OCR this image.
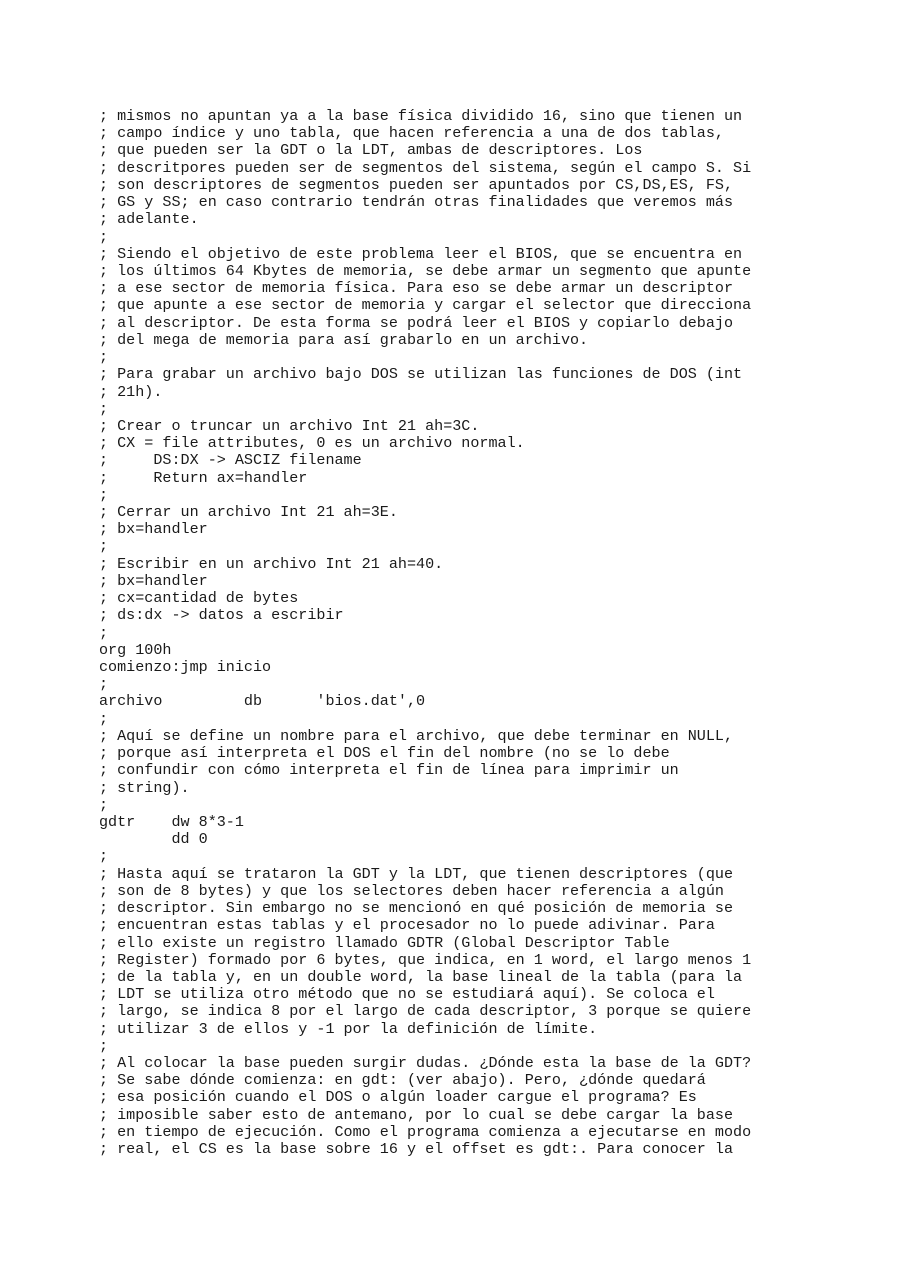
; mismos no apuntan ya a la base física dividido 16, sino que tienen un
; campo índice y uno tabla, que hacen referencia a una de dos tablas,
; que pueden ser la GDT o la LDT, ambas de descriptores. Los
; descritpores pueden ser de segmentos del sistema, según el campo S. Si
; son descriptores de segmentos pueden ser apuntados por CS,DS,ES, FS,
; GS y SS; en caso contrario tendrán otras finalidades que veremos más
; adelante.
;
; Siendo el objetivo de este problema leer el BIOS, que se encuentra en
; los últimos 64 Kbytes de memoria, se debe armar un segmento que apunte
; a ese sector de memoria física. Para eso se debe armar un descriptor
; que apunte a ese sector de memoria y cargar el selector que direcciona
; al descriptor. De esta forma se podrá leer el BIOS y copiarlo debajo
; del mega de memoria para así grabarlo en un archivo.
;
; Para grabar un archivo bajo DOS se utilizan las funciones de DOS (int
; 21h).
;
; Crear o truncar un archivo Int 21 ah=3C.
; CX = file attributes, 0 es un archivo normal.
;     DS:DX -> ASCIZ filename
;     Return ax=handler
;
; Cerrar un archivo Int 21 ah=3E.
; bx=handler
;
; Escribir en un archivo Int 21 ah=40.
; bx=handler
; cx=cantidad de bytes
; ds:dx -> datos a escribir
;
org 100h
comienzo:jmp inicio
;
archivo         db      'bios.dat',0
;
; Aquí se define un nombre para el archivo, que debe terminar en NULL,
; porque así interpreta el DOS el fin del nombre (no se lo debe
; confundir con cómo interpreta el fin de línea para imprimir un
; string).
;
gdtr    dw 8*3-1
dd 0
;
; Hasta aquí se trataron la GDT y la LDT, que tienen descriptores (que
; son de 8 bytes) y que los selectores deben hacer referencia a algún
; descriptor. Sin embargo no se mencionó en qué posición de memoria se
; encuentran estas tablas y el procesador no lo puede adivinar. Para
; ello existe un registro llamado GDTR (Global Descriptor Table
; Register) formado por 6 bytes, que indica, en 1 word, el largo menos 1
; de la tabla y, en un double word, la base lineal de la tabla (para la
; LDT se utiliza otro método que no se estudiará aquí). Se coloca el
; largo, se indica 8 por el largo de cada descriptor, 3 porque se quiere
; utilizar 3 de ellos y -1 por la definición de límite.
;
; Al colocar la base pueden surgir dudas. ¿Dónde esta la base de la GDT?
; Se sabe dónde comienza: en gdt: (ver abajo). Pero, ¿dónde quedará
; esa posición cuando el DOS o algún loader cargue el programa? Es
; imposible saber esto de antemano, por lo cual se debe cargar la base
; en tiempo de ejecución. Como el programa comienza a ejecutarse en modo
; real, el CS es la base sobre 16 y el offset es gdt:. Para conocer la
